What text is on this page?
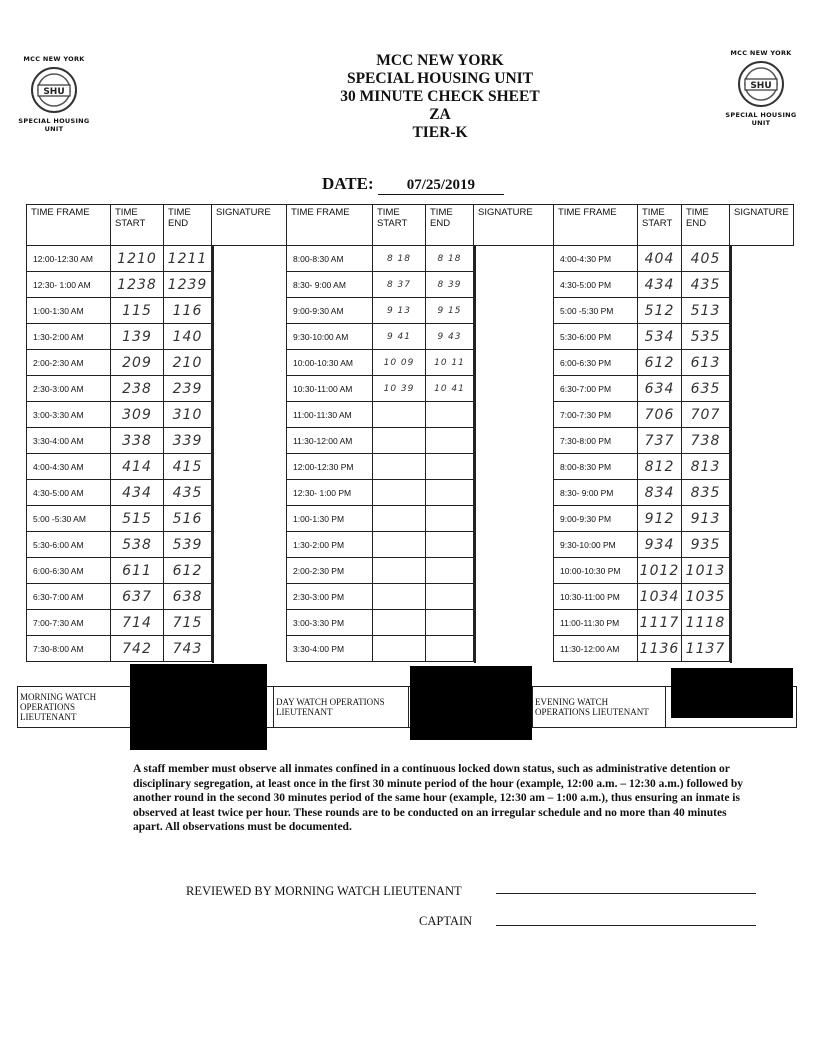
MCC NEW YORK
SHU
SPECIAL HOUSING UNIT
MCC NEW YORK
SHU
SPECIAL HOUSING UNIT
MCC NEW YORK
SPECIAL HOUSING UNIT
30 MINUTE CHECK SHEET
ZA
TIER-K
DATE: 07/25/2019
TIME FRAME	TIME START	TIME END	SIGNATURE	TIME FRAME	TIME START	TIME END	SIGNATURE	TIME FRAME	TIME START	TIME END	SIGNATURE
12:00-12:30 AM	1210	1211	8:00-8:30 AM	8 18	8 18	4:00-4:30 PM	404	405	

12:30- 1:00 AM	1238	1239	8:30- 9:00 AM	8 37	8 39	4:30-5:00 PM	434	435	

1:00-1:30 AM	115	116	9:00-9:30 AM	9 13	9 15	5:00 -5:30 PM	512	513	

1:30-2:00 AM	139	140	9:30-10:00 AM	9 41	9 43	5:30-6:00 PM	534	535	

2:00-2:30 AM	209	210	10:00-10:30 AM	10 09	10 11	6:00-6:30 PM	612	613	

2:30-3:00 AM	238	239	10:30-11:00 AM	10 39	10 41	6:30-7:00 PM	634	635	

3:00-3:30 AM	309	310	11:00-11:30 AM			7:00-7:30 PM	706	707	

3:30-4:00 AM	338	339	11:30-12:00 AM			7:30-8:00 PM	737	738	

4:00-4:30 AM	414	415	12:00-12:30 PM			8:00-8:30 PM	812	813	

4:30-5:00 AM	434	435	12:30- 1:00 PM			8:30- 9:00 PM	834	835	

5:00 -5:30 AM	515	516	1:00-1:30 PM			9:00-9:30 PM	912	913	

5:30-6:00 AM	538	539	1:30-2:00 PM			9:30-10:00 PM	934	935	

6:00-6:30 AM	611	612	2:00-2:30 PM			10:00-10:30 PM	1012	1013	

6:30-7:00 AM	637	638	2:30-3:00 PM			10:30-11:00 PM	1034	1035	

7:00-7:30 AM	714	715	3:00-3:30 PM			11:00-11:30 PM	1117	1118	

7:30-8:00 AM	742	743	3:30-4:00 PM			11:30-12:00 AM	1136	1137	
MORNING WATCH OPERATIONS LIEUTENANT		DAY WATCH OPERATIONS LIEUTENANT		EVENING WATCH OPERATIONS LIEUTENANT	
A staff member must observe all inmates confined in a continuous locked down status, such as administrative detention or disciplinary segregation, at least once in the first 30 minute period of the hour (example, 12:00 a.m. – 12:30 a.m.) followed by another round in the second 30 minutes period of the same hour (example, 12:30 am – 1:00 a.m.), thus ensuring an inmate is observed at least twice per hour. These rounds are to be conducted on an irregular schedule and no more than 40 minutes apart. All observations must be documented.
REVIEWED BY MORNING WATCH LIEUTENANT
CAPTAIN
